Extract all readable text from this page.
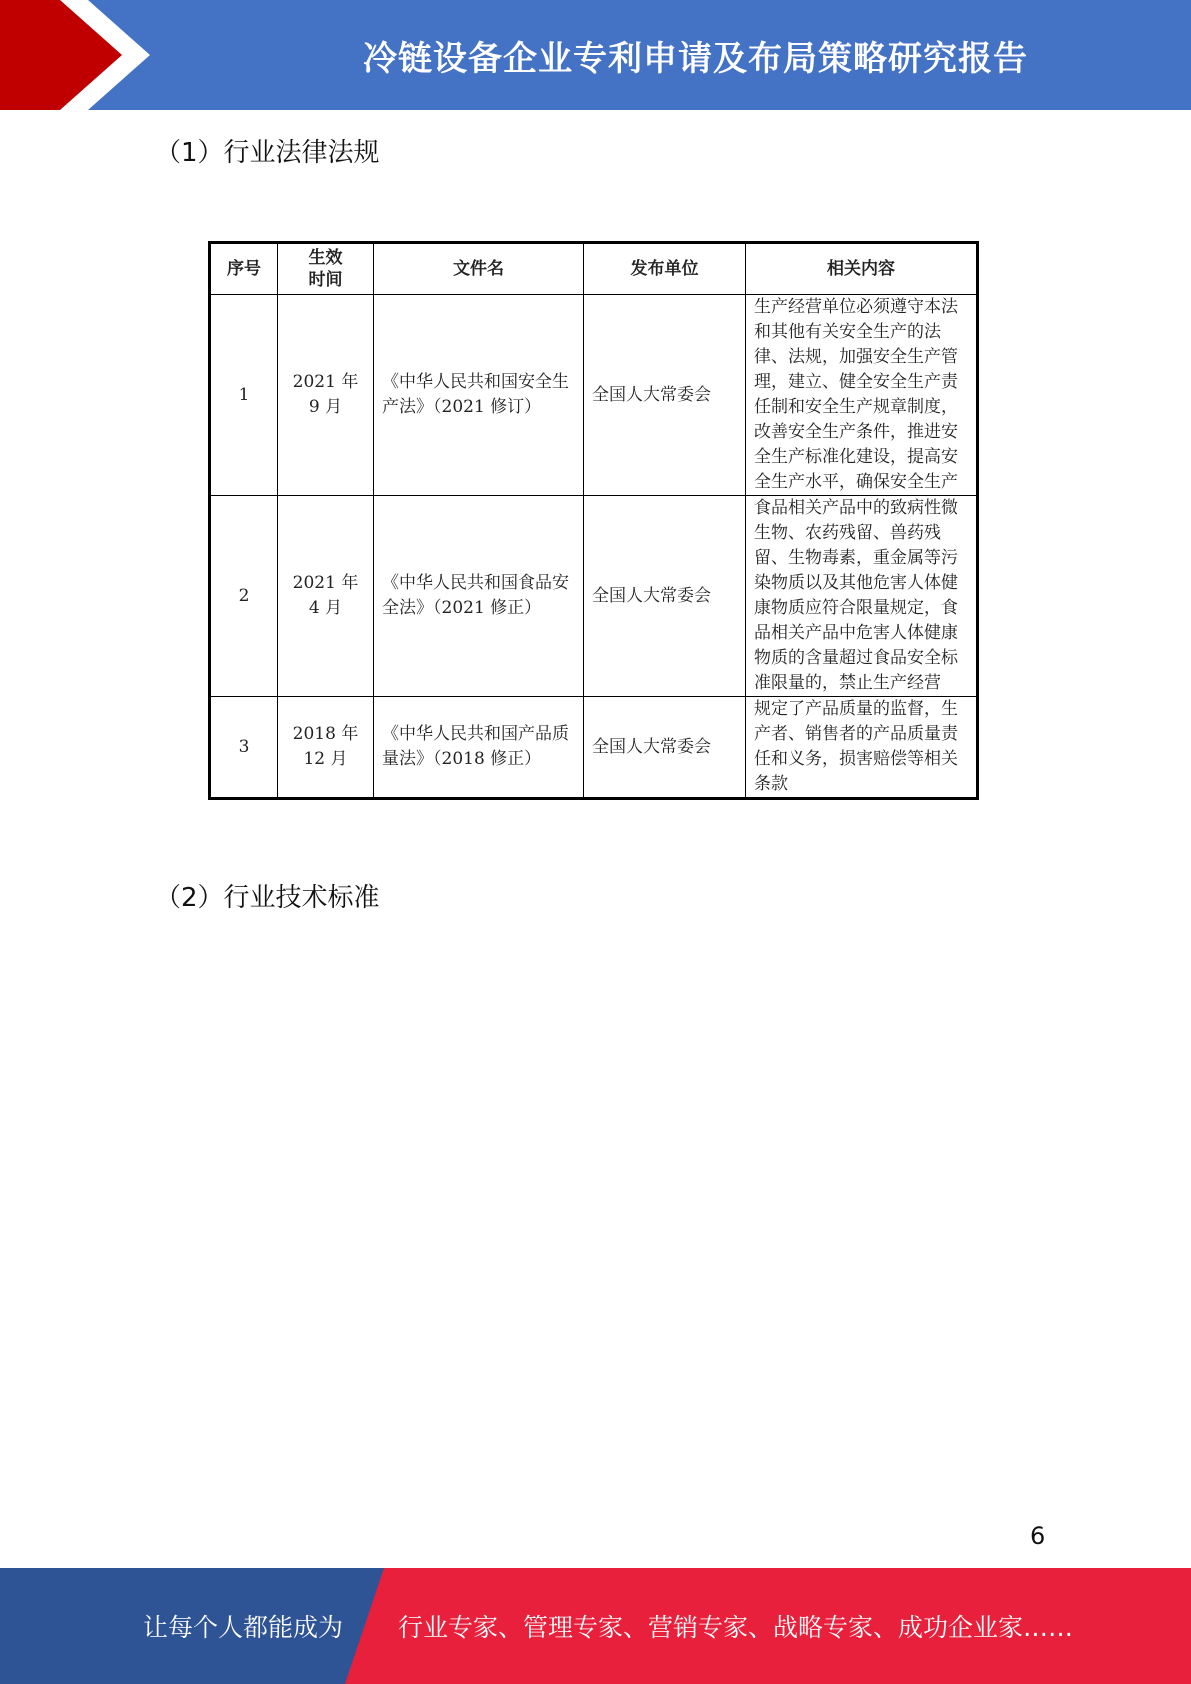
冷链设备企业专利申请及布局策略研究报告
（1）行业法律法规
序号	生效时间	文件名	发布单位	相关内容
1	2021 年 9 月	《中华人民共和国安全生产法》（2021 修订）	全国人大常委会	生产经营单位必须遵守本法和其他有关安全生产的法律、法规，加强安全生产管理，建立、健全安全生产责任制和安全生产规章制度，改善安全生产条件，推进安全生产标准化建设，提高安全生产水平，确保安全生产
2	2021 年 4 月	《中华人民共和国食品安全法》（2021 修正）	全国人大常委会	食品相关产品中的致病性微生物、农药残留、兽药残留、生物毒素，重金属等污染物质以及其他危害人体健康物质应符合限量规定，食品相关产品中危害人体健康物质的含量超过食品安全标准限量的，禁止生产经营
3	2018 年 12 月	《中华人民共和国产品质量法》（2018 修正）	全国人大常委会	规定了产品质量的监督，生产者、销售者的产品质量责任和义务，损害赔偿等相关条款
（2）行业技术标准
6
让每个人都能成为 行业专家、管理专家、营销专家、战略专家、成功企业家……
